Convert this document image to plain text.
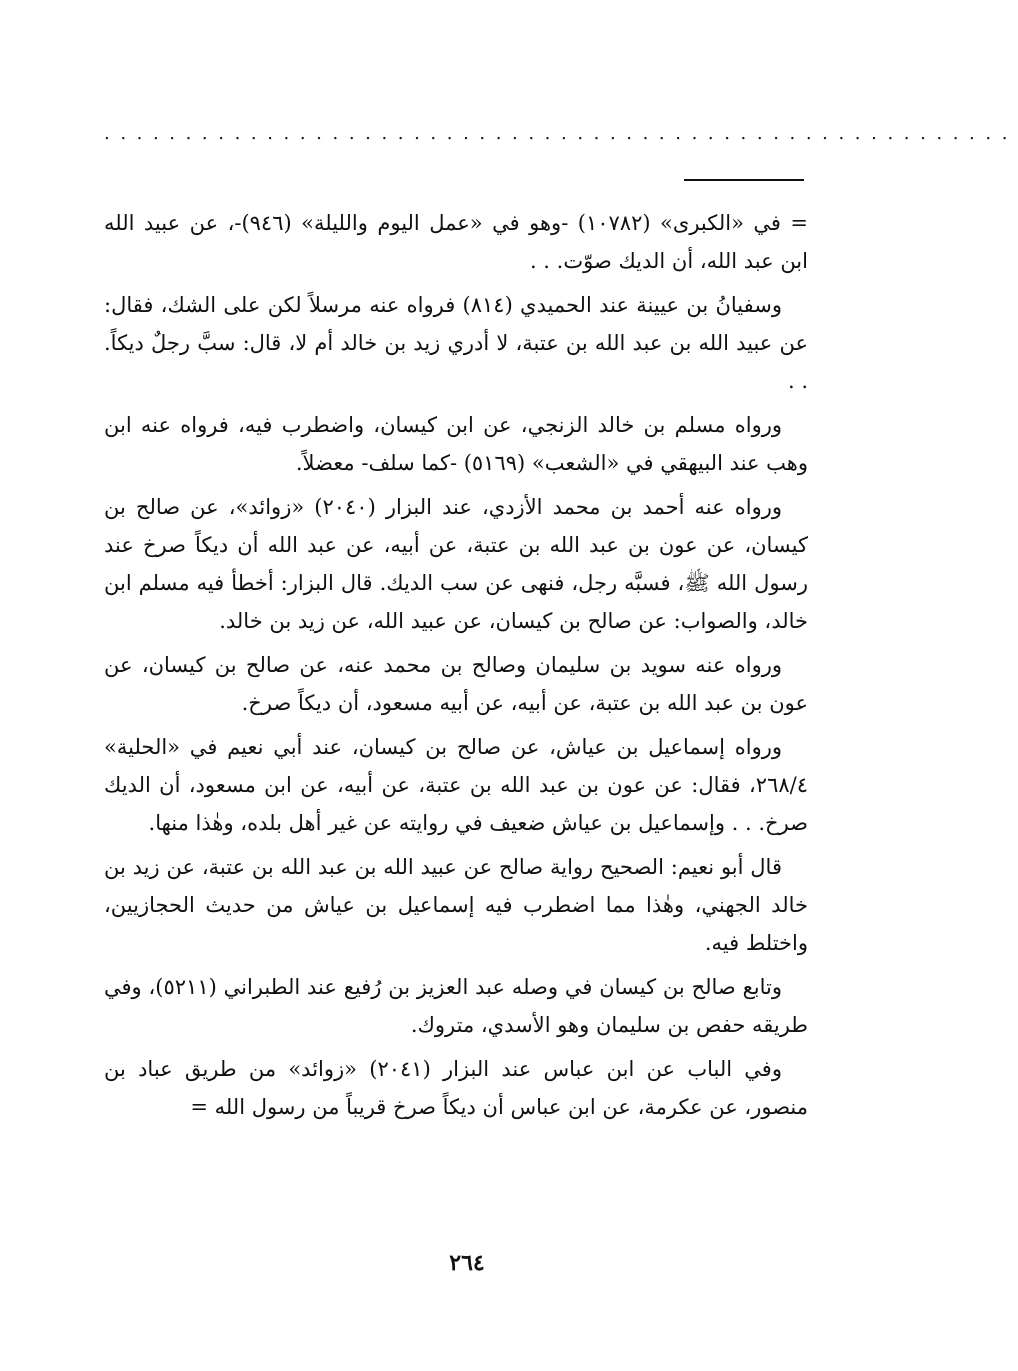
........................................................

= في «الكبرى» (١٠٧٨٢) -وهو في «عمل اليوم والليلة» (٩٤٦)-، عن عبيد الله ابن عبد الله، أن الديك صوّت. . .

وسفيانُ بن عيينة عند الحميدي (٨١٤) فرواه عنه مرسلاً لكن على الشك، فقال: عن عبيد الله بن عبد الله بن عتبة، لا أدري زيد بن خالد أم لا، قال: سبَّ رجلٌ ديكاً. . .

ورواه مسلم بن خالد الزنجي، عن ابن كيسان، واضطرب فيه، فرواه عنه ابن وهب عند البيهقي في «الشعب» (٥١٦٩) -كما سلف- معضلاً.

ورواه عنه أحمد بن محمد الأزدي، عند البزار (٢٠٤٠) «زوائد»، عن صالح بن كيسان، عن عون بن عبد الله بن عتبة، عن أبيه، عن عبد الله أن ديكاً صرخ عند رسول الله ﷺ، فسبَّه رجل، فنهى عن سب الديك. قال البزار: أخطأ فيه مسلم ابن خالد، والصواب: عن صالح بن كيسان، عن عبيد الله، عن زيد بن خالد.

ورواه عنه سويد بن سليمان وصالح بن محمد عنه، عن صالح بن كيسان، عن عون بن عبد الله بن عتبة، عن أبيه، عن أبيه مسعود، أن ديكاً صرخ.

ورواه إسماعيل بن عياش، عن صالح بن كيسان، عند أبي نعيم في «الحلية» ٢٦٨/٤، فقال: عن عون بن عبد الله بن عتبة، عن أبيه، عن ابن مسعود، أن الديك صرخ. . . وإسماعيل بن عياش ضعيف في روايته عن غير أهل بلده، وهٰذا منها.

قال أبو نعيم: الصحيح رواية صالح عن عبيد الله بن عبد الله بن عتبة، عن زيد بن خالد الجهني، وهٰذا مما اضطرب فيه إسماعيل بن عياش من حديث الحجازيين، واختلط فيه.

وتابع صالح بن كيسان في وصله عبد العزيز بن رُفيع عند الطبراني (٥٢١١)، وفي طريقه حفص بن سليمان وهو الأسدي، متروك.

وفي الباب عن ابن عباس عند البزار (٢٠٤١) «زوائد» من طريق عباد بن منصور، عن عكرمة، عن ابن عباس أن ديكاً صرخ قريباً من رسول الله =

٢٦٤
